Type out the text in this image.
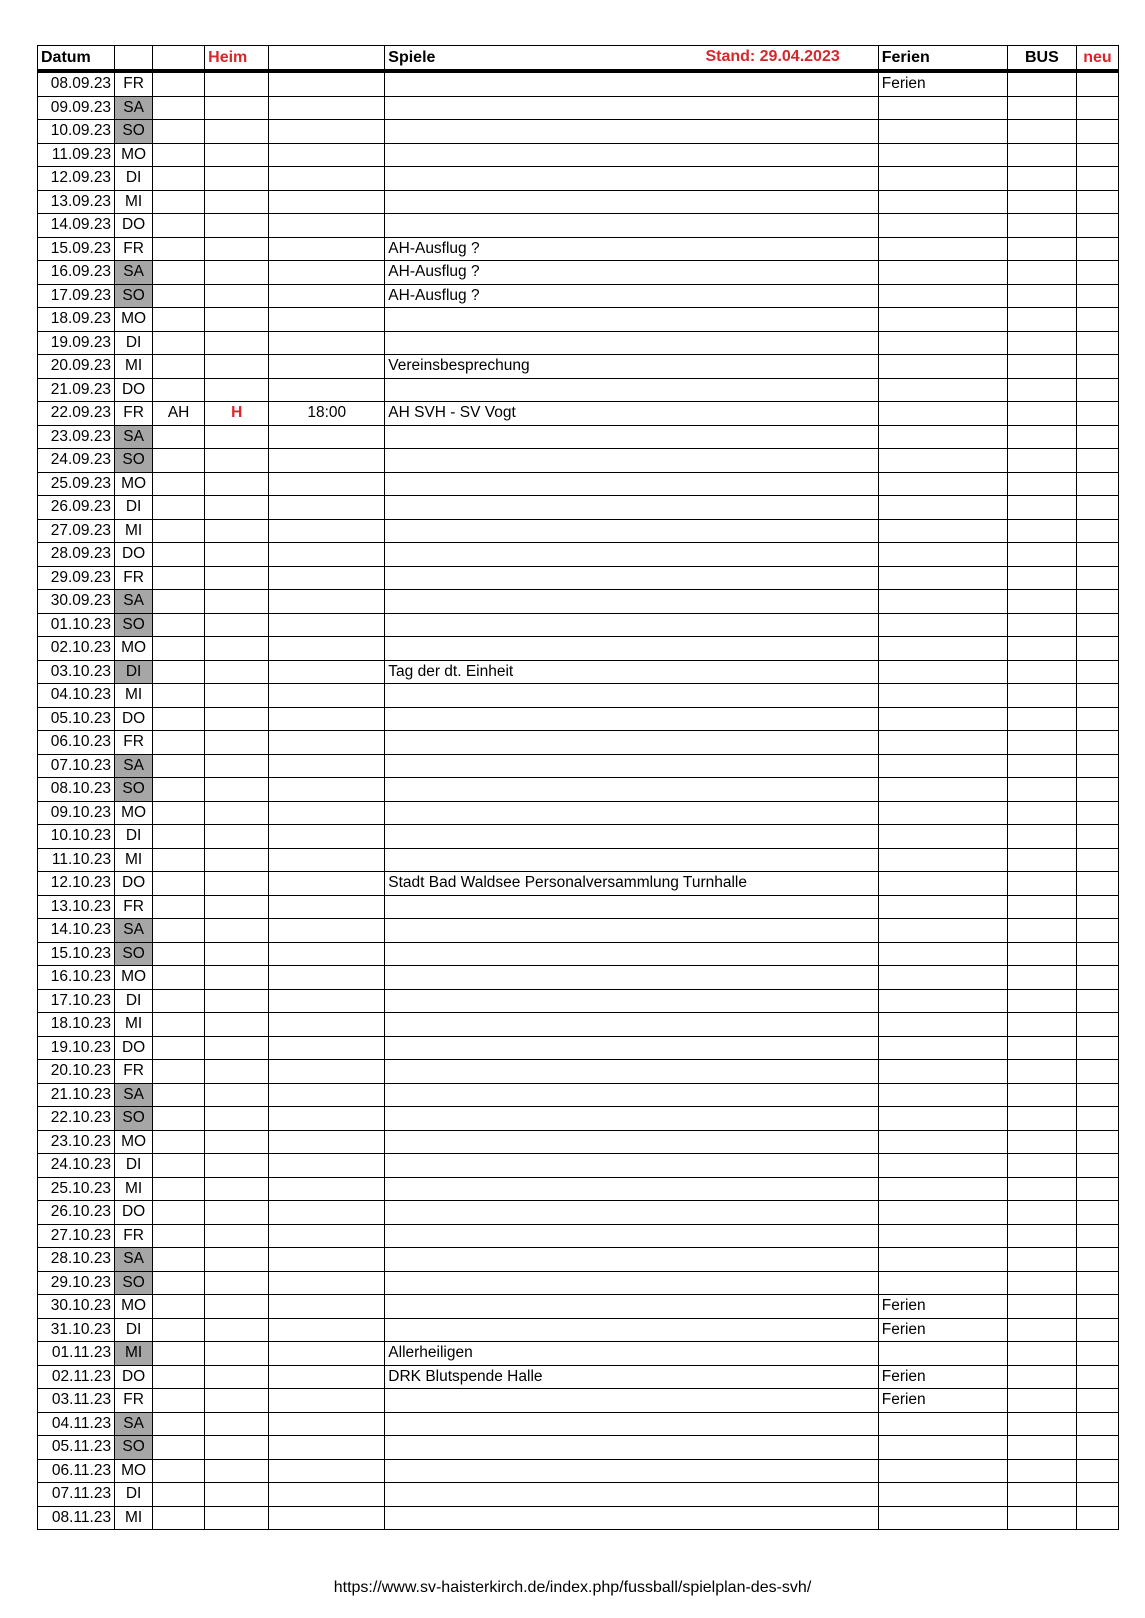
Datum			Heim		Spiele Stand: 29.04.2023	Ferien	BUS	neu
08.09.23	FR					Ferien		
09.09.23	SA							
10.09.23	SO							
11.09.23	MO							
12.09.23	DI							
13.09.23	MI							
14.09.23	DO							
15.09.23	FR				AH-Ausflug ?			
16.09.23	SA				AH-Ausflug ?			
17.09.23	SO				AH-Ausflug ?			
18.09.23	MO							
19.09.23	DI							
20.09.23	MI				Vereinsbesprechung			
21.09.23	DO							
22.09.23	FR	AH	H	18:00	AH SVH - SV Vogt			
23.09.23	SA							
24.09.23	SO							
25.09.23	MO							
26.09.23	DI							
27.09.23	MI							
28.09.23	DO							
29.09.23	FR							
30.09.23	SA							
01.10.23	SO							
02.10.23	MO							
03.10.23	DI				Tag der dt. Einheit			
04.10.23	MI							
05.10.23	DO							
06.10.23	FR							
07.10.23	SA							
08.10.23	SO							
09.10.23	MO							
10.10.23	DI							
11.10.23	MI							
12.10.23	DO				Stadt Bad Waldsee Personalversammlung Turnhalle			
13.10.23	FR							
14.10.23	SA							
15.10.23	SO							
16.10.23	MO							
17.10.23	DI							
18.10.23	MI							
19.10.23	DO							
20.10.23	FR							
21.10.23	SA							
22.10.23	SO							
23.10.23	MO							
24.10.23	DI							
25.10.23	MI							
26.10.23	DO							
27.10.23	FR							
28.10.23	SA							
29.10.23	SO							
30.10.23	MO					Ferien		
31.10.23	DI					Ferien		
01.11.23	MI				Allerheiligen			
02.11.23	DO				DRK Blutspende Halle	Ferien		
03.11.23	FR					Ferien		
04.11.23	SA							
05.11.23	SO							
06.11.23	MO							
07.11.23	DI							
08.11.23	MI							
https://www.sv-haisterkirch.de/index.php/fussball/spielplan-des-svh/
